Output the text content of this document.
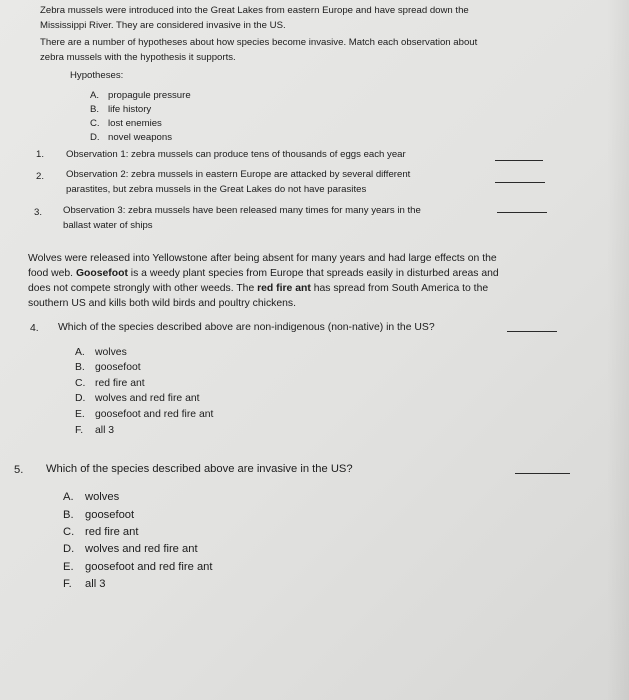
Zebra mussels were introduced into the Great Lakes from eastern Europe and have spread down the
Mississippi River. They are considered invasive in the US.
There are a number of hypotheses about how species become invasive. Match each observation about
zebra mussels with the hypothesis it supports.
Hypotheses:
A. propagule pressure
B. life history
C. lost enemies
D. novel weapons
1. Observation 1: zebra mussels can produce tens of thousands of eggs each year
2. Observation 2: zebra mussels in eastern Europe are attacked by several different
parastites, but zebra mussels in the Great Lakes do not have parasites
3. Observation 3: zebra mussels have been released many times for many years in the
ballast water of ships
Wolves were released into Yellowstone after being absent for many years and had large effects on the
food web. Goosefoot is a weedy plant species from Europe that spreads easily in disturbed areas and
does not compete strongly with other weeds. The red fire ant has spread from South America to the
southern US and kills both wild birds and poultry chickens.
4. Which of the species described above are non-indigenous (non-native) in the US?
A. wolves
B. goosefoot
C. red fire ant
D. wolves and red fire ant
E. goosefoot and red fire ant
F. all 3
5. Which of the species described above are invasive in the US?
A. wolves
B. goosefoot
C. red fire ant
D. wolves and red fire ant
E. goosefoot and red fire ant
F. all 3
